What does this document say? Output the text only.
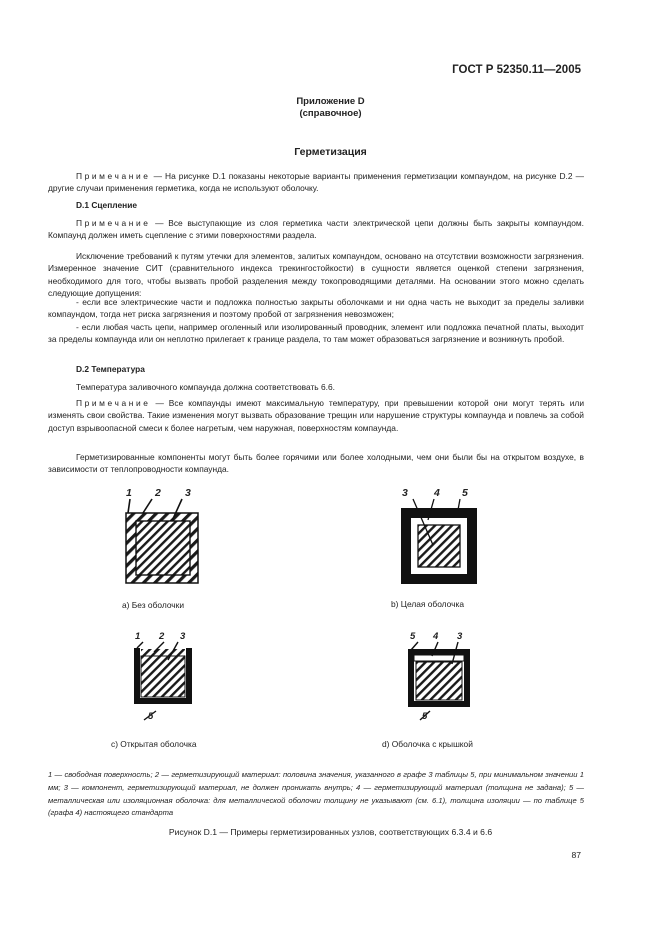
ГОСТ Р 52350.11—2005
Приложение D
(справочное)
Герметизация
Примечание — На рисунке D.1 показаны некоторые варианты применения герметизации компаундом, на рисунке D.2 — другие случаи применения герметика, когда не используют оболочку.
D.1 Сцепление
Примечание — Все выступающие из слоя герметика части электрической цепи должны быть закрыты компаундом. Компаунд должен иметь сцепление с этими поверхностями раздела.
Исключение требований к путям утечки для элементов, залитых компаундом, основано на отсутствии возможности загрязнения. Измеренное значение СИТ (сравнительного индекса трекингостойкости) в сущности является оценкой степени загрязнения, необходимого для того, чтобы вызвать пробой разделения между токопроводящими деталями. На основании этого можно сделать следующие допущения:
- если все электрические части и подложка полностью закрыты оболочками и ни одна часть не выходит за пределы заливки компаундом, тогда нет риска загрязнения и поэтому пробой от загрязнения невозможен;
- если любая часть цепи, например оголенный или изолированный проводник, элемент или подложка печатной платы, выходит за пределы компаунда или он неплотно прилегает к границе раздела, то там может образоваться загрязнение и возникнуть пробой.
D.2 Температура
Температура заливочного компаунда должна соответствовать 6.6.
Примечание — Все компаунды имеют максимальную температуру, при превышении которой они могут терять или изменять свои свойства. Такие изменения могут вызвать образование трещин или нарушение структуры компаунда и повлечь за собой доступ взрывоопасной смеси к более нагретым, чем наружная, поверхностям компаунда.
Герметизированные компоненты могут быть более горячими или более холодными, чем они были бы на открытом воздухе, в зависимости от теплопроводности компаунда.
1 2 3	3 4 5
1 2 3
5
5 4 3
5
a) Без оболочки	b) Целая оболочка
c) Открытая оболочка	d) Оболочка с крышкой
1 — свободная поверхность; 2 — герметизирующий материал: половина значения, указанного в графе 3 таблицы 5, при минимальном значении 1 мм; 3 — компонент, герметизирующий материал, не должен проникать внутрь; 4 — герметизирующий материал (толщина не задана); 5 — металлическая или изоляционная оболочка: для металлической оболочки толщину не указывают (см. 6.1), толщина изоляции — по таблице 5 (графа 4) настоящего стандарта
Рисунок D.1 — Примеры герметизированных узлов, соответствующих 6.3.4 и 6.6
87
